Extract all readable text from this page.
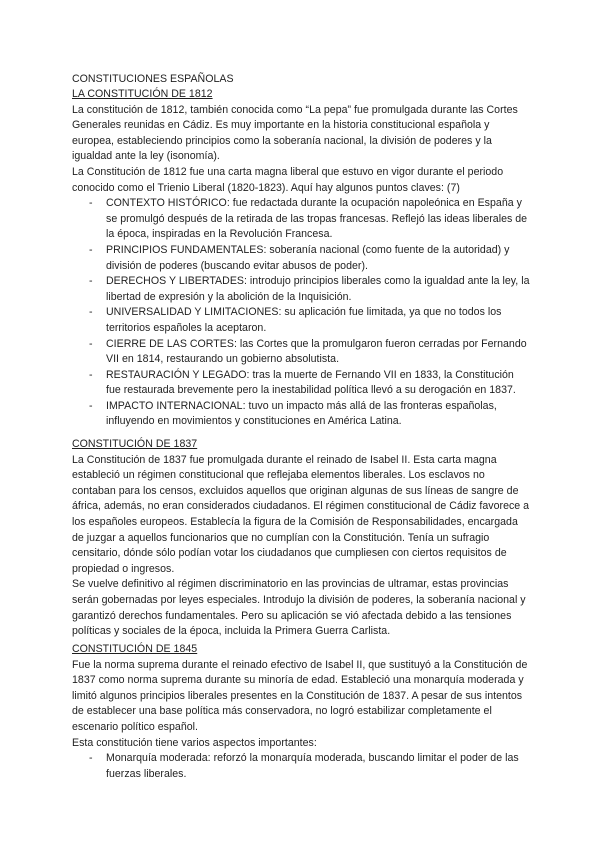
CONSTITUCIONES ESPAÑOLAS
LA CONSTITUCIÓN DE 1812

La constitución de 1812, también conocida como “La pepa” fue promulgada durante las Cortes Generales reunidas en Cádiz. Es muy importante en la historia constitucional española y europea, estableciendo principios como la soberanía nacional, la división de poderes y la igualdad ante la ley (isonomía).

La Constitución de 1812 fue una carta magna liberal que estuvo en vigor durante el periodo conocido como el Trienio Liberal (1820-1823). Aquí hay algunos puntos claves: (7)

- CONTEXTO HISTÓRICO: fue redactada durante la ocupación napoleónica en España y se promulgó después de la retirada de las tropas francesas. Reflejó las ideas liberales de la época, inspiradas en la Revolución Francesa.
- PRINCIPIOS FUNDAMENTALES: soberanía nacional (como fuente de la autoridad) y división de poderes (buscando evitar abusos de poder).
- DERECHOS Y LIBERTADES: introdujo principios liberales como la igualdad ante la ley, la libertad de expresión y la abolición de la Inquisición.
- UNIVERSALIDAD Y LIMITACIONES: su aplicación fue limitada, ya que no todos los territorios españoles la aceptaron.
- CIERRE DE LAS CORTES: las Cortes que la promulgaron fueron cerradas por Fernando VII en 1814, restaurando un gobierno absolutista.
- RESTAURACIÓN Y LEGADO: tras la muerte de Fernando VII en 1833, la Constitución fue restaurada brevemente pero la inestabilidad política llevó a su derogación en 1837.
- IMPACTO INTERNACIONAL: tuvo un impacto más allá de las fronteras españolas, influyendo en movimientos y constituciones en América Latina.
CONSTITUCIÓN DE 1837

La Constitución de 1837 fue promulgada durante el reinado de Isabel II. Esta carta magna estableció un régimen constitucional que reflejaba elementos liberales. Los esclavos no contaban para los censos, excluidos aquellos que originan algunas de sus líneas de sangre de áfrica, además, no eran considerados ciudadanos. El régimen constitucional de Cádiz favorece a los españoles europeos. Establecía la figura de la Comisión de Responsabilidades, encargada de juzgar a aquellos funcionarios que no cumplían con la Constitución. Tenía un sufragio censitario, dónde sólo podían votar los ciudadanos que cumpliesen con ciertos requisitos de propiedad o ingresos.

Se vuelve definitivo al régimen discriminatorio en las provincias de ultramar, estas provincias serán gobernadas por leyes especiales. Introdujo la división de poderes, la soberanía nacional y garantizó derechos fundamentales. Pero su aplicación se vió afectada debido a las tensiones políticas y sociales de la época, incluida la Primera Guerra Carlista.

CONSTITUCIÓN DE 1845

Fue la norma suprema durante el reinado efectivo de Isabel II, que sustituyó a la Constitución de 1837 como norma suprema durante su minoría de edad. Estableció una monarquía moderada y limitó algunos principios liberales presentes en la Constitución de 1837. A pesar de sus intentos de establecer una base política más conservadora, no logró estabilizar completamente el escenario político español.

Esta constitución tiene varios aspectos importantes:

- Monarquía moderada: reforzó la monarquía moderada, buscando limitar el poder de las fuerzas liberales.
